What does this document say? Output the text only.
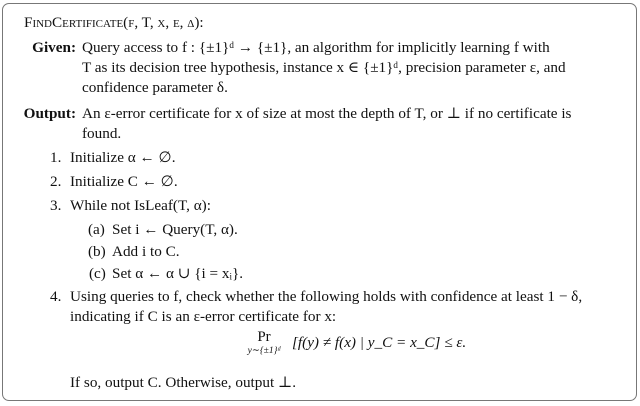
FindCertificate(f, T, x, ε, δ):
Given: Query access to f : {±1}ᵈ → {±1}, an algorithm for implicitly learning f with
T as its decision tree hypothesis, instance x ∈ {±1}ᵈ, precision parameter ε, and
confidence parameter δ.
Output: An ε-error certificate for x of size at most the depth of T, or ⊥ if no certificate is
found.
1. Initialize α ← ∅.
2. Initialize C ← ∅.
3. While not IsLeaf(T, α):
(a) Set i ← Query(T, α).
(b) Add i to C.
(c) Set α ← α ∪ {i = xᵢ}.
4. Using queries to f, check whether the following holds with confidence at least 1 − δ,
indicating if C is an ε-error certificate for x:
Pr
y∼{±1}ᵈ [f(y) ≠ f(x) | y_C = x_C] ≤ ε.
If so, output C. Otherwise, output ⊥.
